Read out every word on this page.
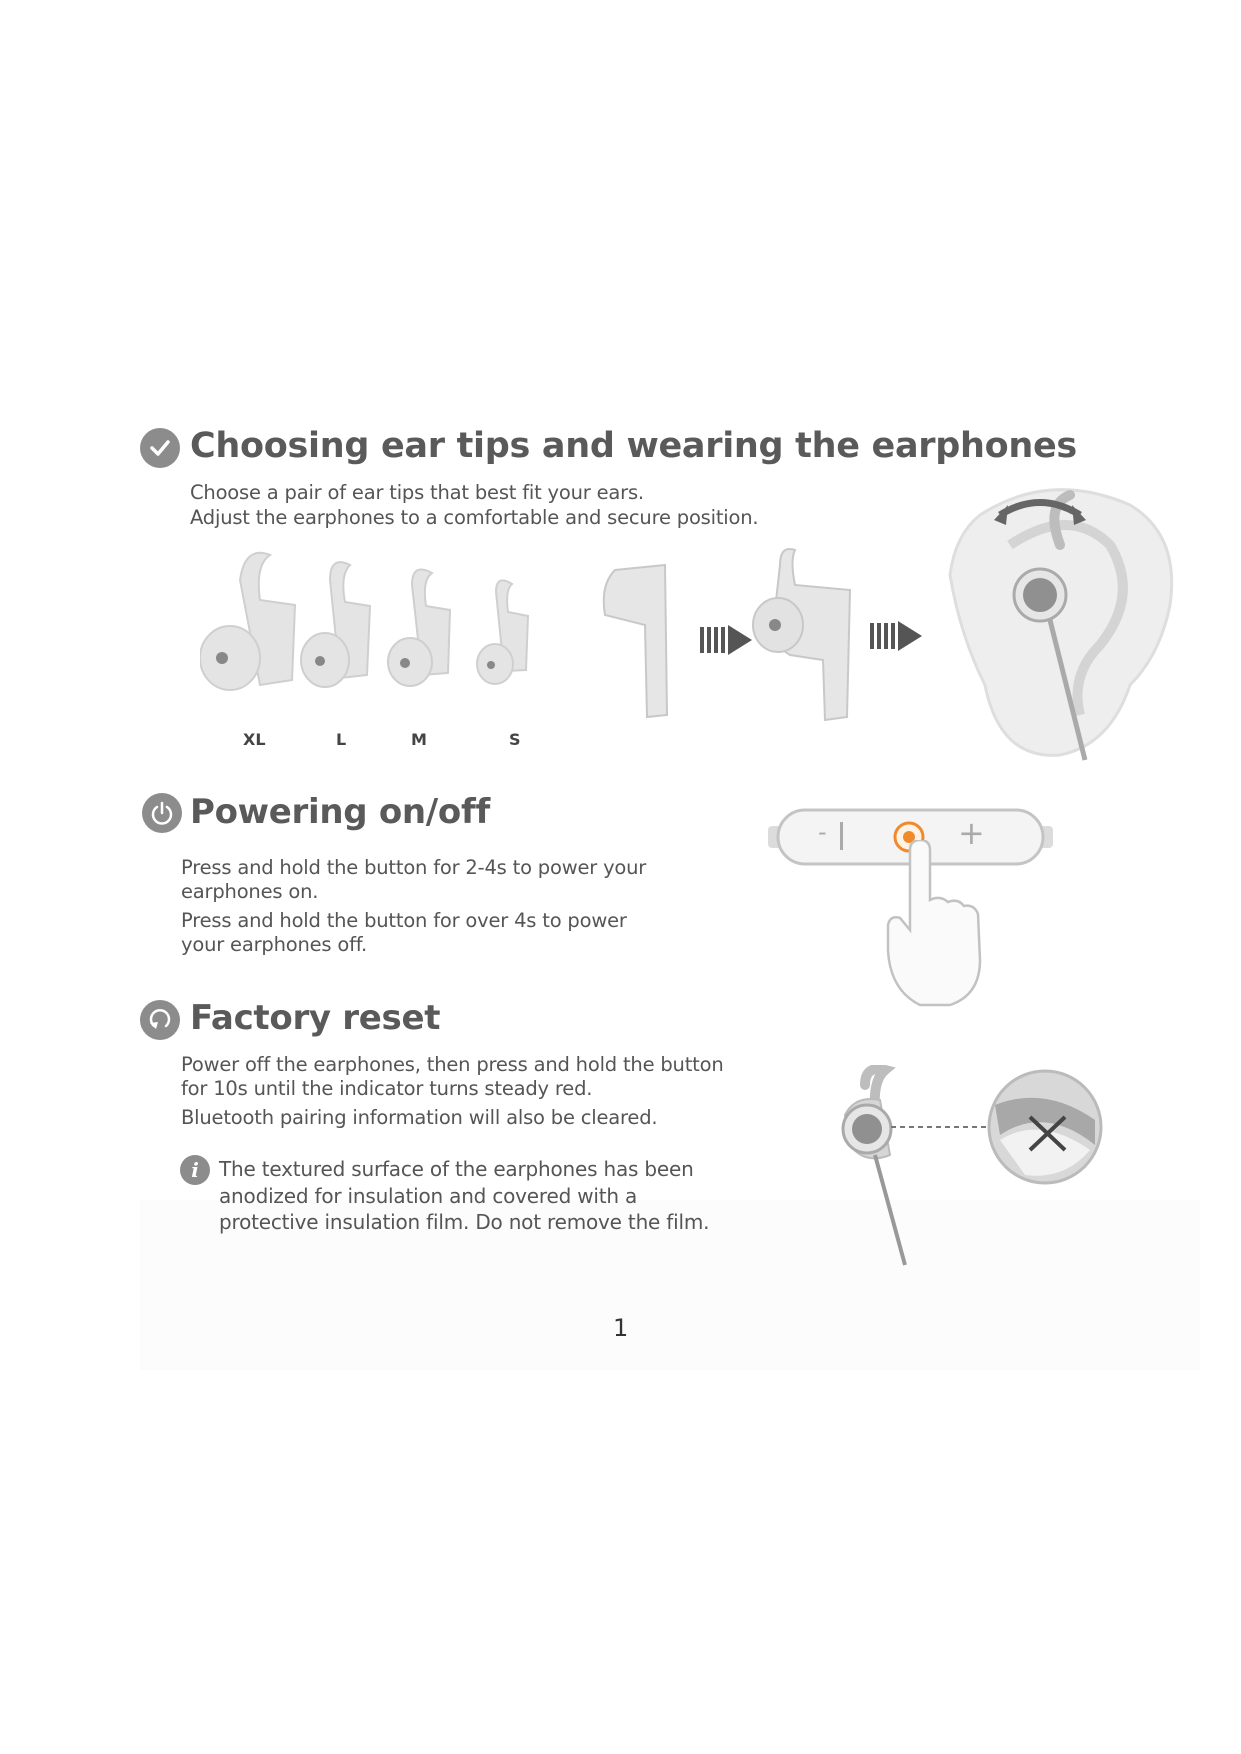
Choosing ear tips and wearing the earphones
Choose a pair of ear tips that best fit your ears.
Adjust the earphones to a comfortable and secure position.
XL	L	M	S
Powering on/off
Press and hold the button for 2-4s to power your
earphones on.
Press and hold the button for over 4s to power
your earphones off.
-	+
Factory reset
Power off the earphones, then press and hold the button
for 10s until the indicator turns steady red.
Bluetooth pairing information will also be cleared.
i The textured surface of the earphones has been
anodized for insulation and covered with a
protective insulation film. Do not remove the film.
1
